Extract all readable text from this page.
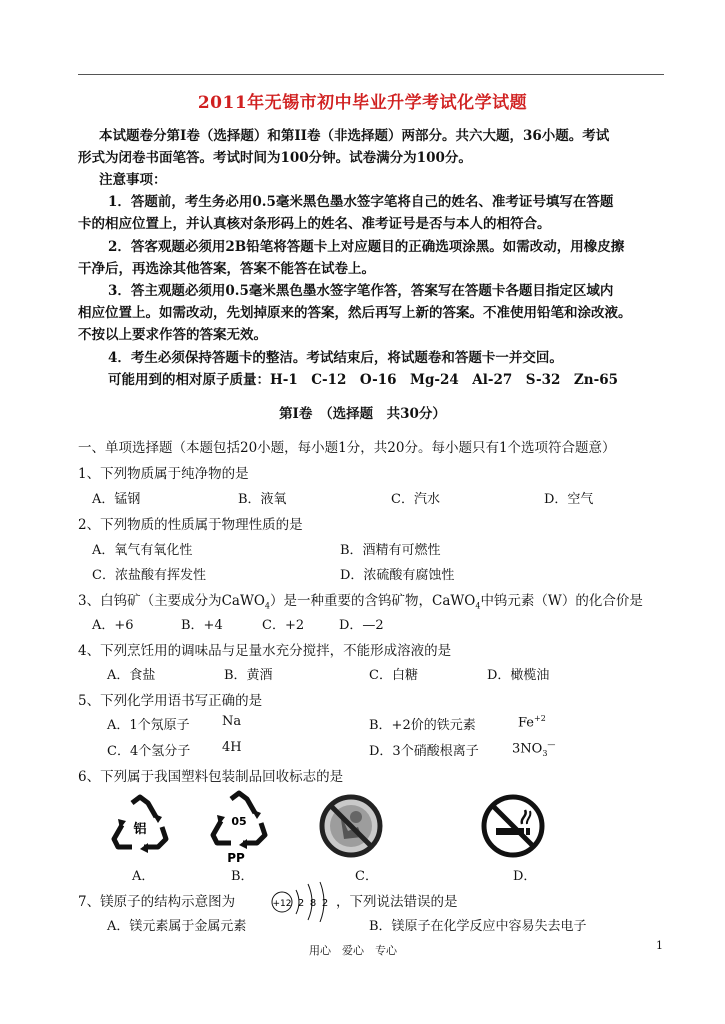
2011年无锡市初中毕业升学考试化学试题
本试题卷分第Ⅰ卷（选择题）和第II卷（非选择题）两部分。共六大题，36小题。考试
形式为闭卷书面笔答。考试时间为100分钟。试卷满分为100分。
注意事项：
1．答题前，考生务必用0.5毫米黑色墨水签字笔将自己的姓名、准考证号填写在答题
卡的相应位置上，并认真核对条形码上的姓名、准考证号是否与本人的相符合。
2．答客观题必须用2B铅笔将答题卡上对应题目的正确选项涂黑。如需改动，用橡皮擦
干净后，再选涂其他答案，答案不能答在试卷上。
3．答主观题必须用0.5毫米黑色墨水签字笔作答，答案写在答题卡各题目指定区域内
相应位置上。如需改动，先划掉原来的答案，然后再写上新的答案。不准使用铅笔和涂改液。
不按以上要求作答的答案无效。
4．考生必须保持答题卡的整洁。考试结束后，将试题卷和答题卡一并交回。
可能用到的相对原子质量：H-1　C-12　O-16　Mg-24　Al-27　S-32　Zn-65
第Ⅰ卷　（选择题　共30分）
一、单项选择题（本题包括20小题，每小题1分，共20分。每小题只有1个选项符合题意）
1、下列物质属于纯净物的是
A．锰钢	B．液氧	C．汽水	D．空气
2、下列物质的性质属于物理性质的是
A．氧气有氧化性	B．酒精有可燃性
C．浓盐酸有挥发性	D．浓硫酸有腐蚀性
3、白钨矿（主要成分为CaWO$_4$）是一种重要的含钨矿物，CaWO$_4$中钨元素（W）的化合价是
A．+6	B．+4	C．+2	D．—2
4、下列烹饪用的调味品与足量水充分搅拌，不能形成溶液的是
A．食盐	B．黄酒	C．白糖	D．橄榄油
5、下列化学用语书写正确的是
A．1个氖原子 Na	B．+2价的铁元素	$Fe^{+2}$
C．4个氢分子 4H	D．3个硝酸根离子	$3NO_3^—$
6、下列属于我国塑料包装制品回收标志的是
铝
05
PP
A．	B．	C．	D．
7、镁原子的结构示意图为	+12 2 8 2 ，下列说法错误的是
A．镁元素属于金属元素	B．镁原子在化学反应中容易失去电子
用心　爱心　专心	1
